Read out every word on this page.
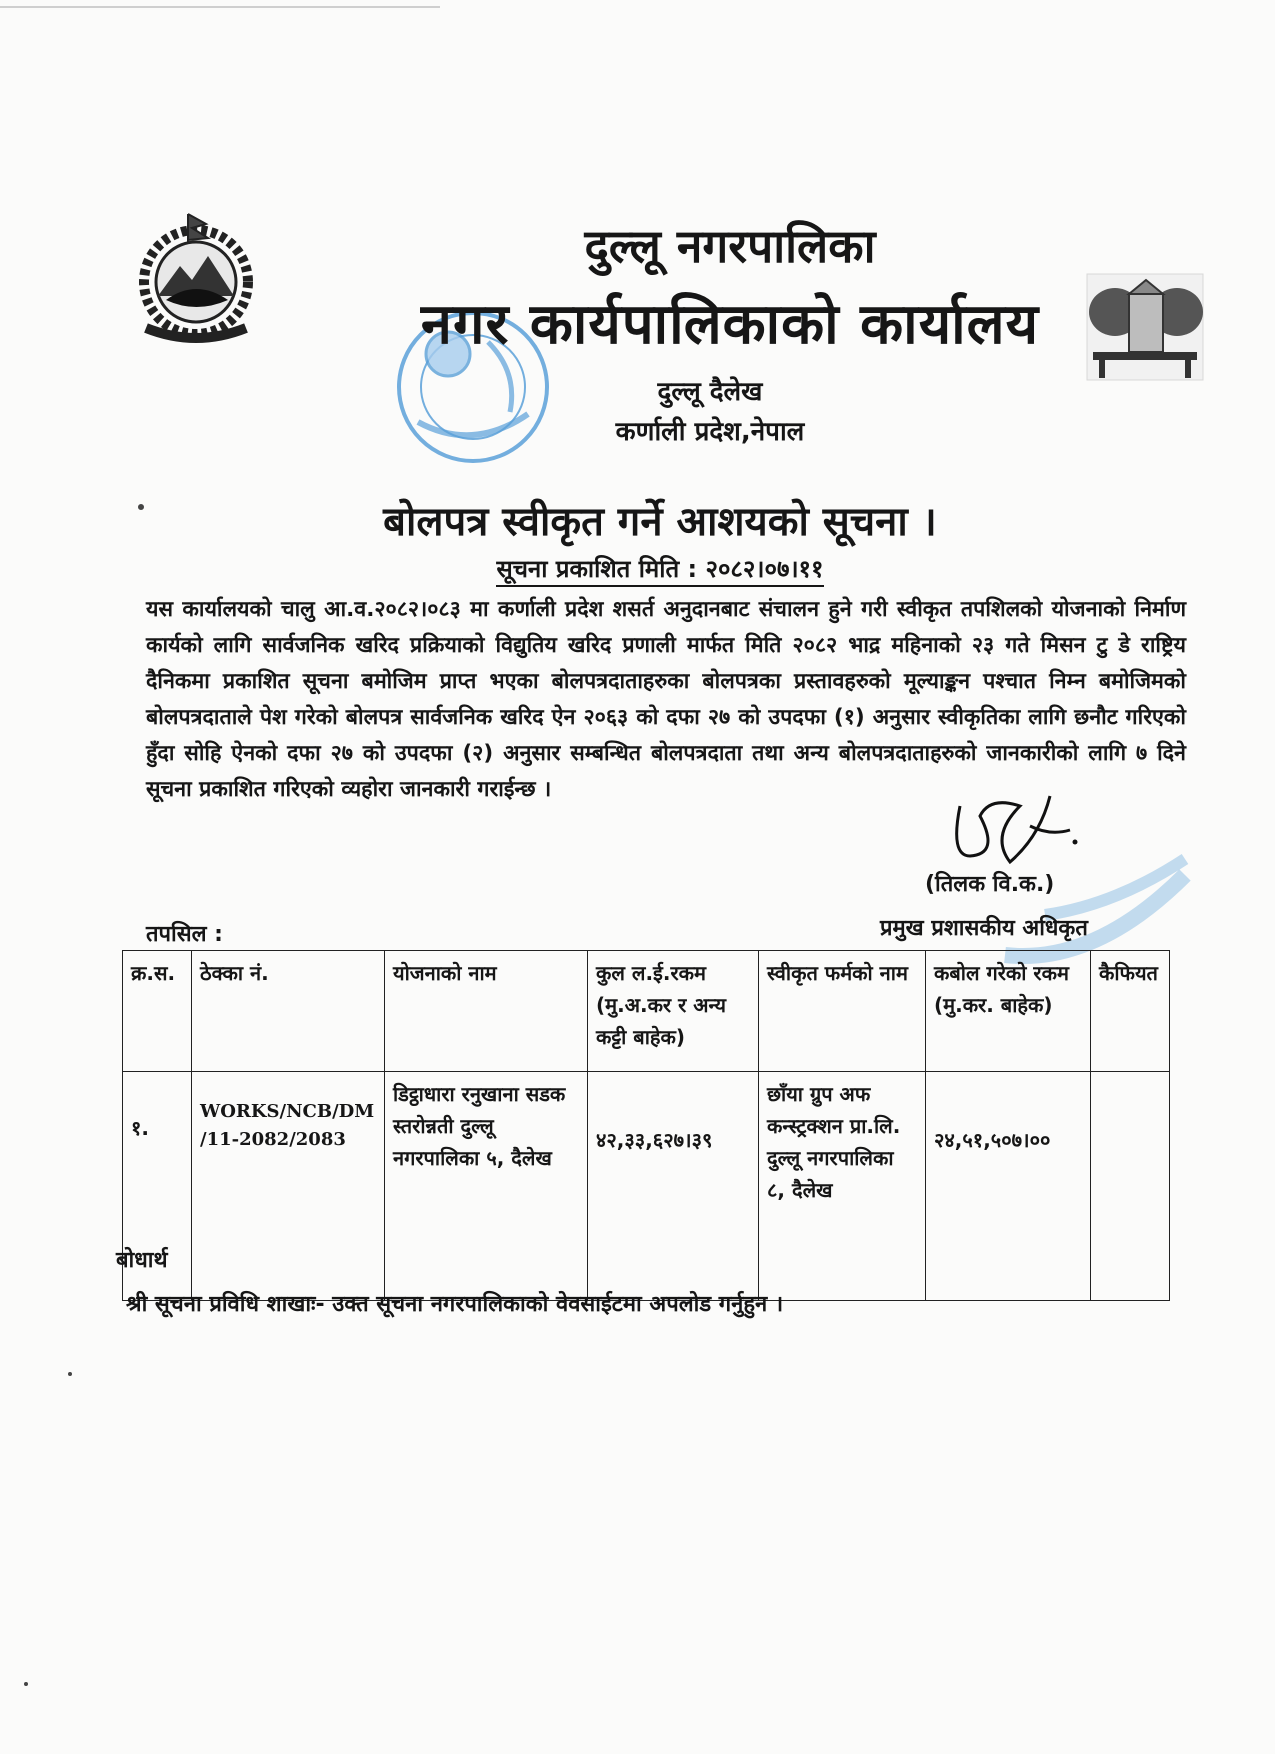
दुल्लू नगरपालिका
नगर कार्यपालिकाको कार्यालय
दुल्लू दैलेख
कर्णाली प्रदेश,नेपाल
बोलपत्र स्वीकृत गर्ने आशयको सूचना ।
सूचना प्रकाशित मिति : २०८२।०७।११
यस कार्यालयको चालु आ.व.२०८२।०८३ मा कर्णाली प्रदेश शसर्त अनुदानबाट संचालन हुने गरी स्वीकृत तपशिलको योजनाको निर्माण कार्यको लागि सार्वजनिक खरिद प्रक्रियाको विद्युतिय खरिद प्रणाली मार्फत मिति २०८२ भाद्र महिनाको २३ गते मिसन टु डे राष्ट्रिय दैनिकमा प्रकाशित सूचना बमोजिम प्राप्त भएका बोलपत्रदाताहरुका बोलपत्रका प्रस्तावहरुको मूल्याङ्कन पश्चात निम्न बमोजिमको बोलपत्रदाताले पेश गरेको बोलपत्र सार्वजनिक खरिद ऐन २०६३ को दफा २७ को उपदफा (१) अनुसार स्वीकृतिका लागि छनौट गरिएको हुँदा सोहि ऐनको दफा २७ को उपदफा (२) अनुसार सम्बन्धित बोलपत्रदाता तथा अन्य बोलपत्रदाताहरुको जानकारीको लागि ७ दिने सूचना प्रकाशित गरिएको व्यहोरा जानकारी गराईन्छ ।
(तिलक वि.क.)
प्रमुख प्रशासकीय अधिकृत
तपसिल :
क्र.स.	ठेक्का नं.	योजनाको नाम	कुल ल.ई.रकम (मु.अ.कर र अन्य कट्टी बाहेक)	स्वीकृत फर्मको नाम	कबोल गरेको रकम (मु.कर. बाहेक)	कैफियत
१.	WORKS/NCB/DM /11-2082/2083	डिट्ठाधारा रनुखाना सडक स्तरोन्नती दुल्लू नगरपालिका ५, दैलेख	४२,३३,६२७।३९	छाँया ग्रुप अफ कन्स्ट्रक्शन प्रा.लि. दुल्लू नगरपालिका ८, दैलेख	२४,५१,५०७।००	
बोधार्थ
श्री सूचना प्रविधि शाखाः- उक्त सूचना नगरपालिकाको वेवसाईटमा अपलोड गर्नुहुन ।
